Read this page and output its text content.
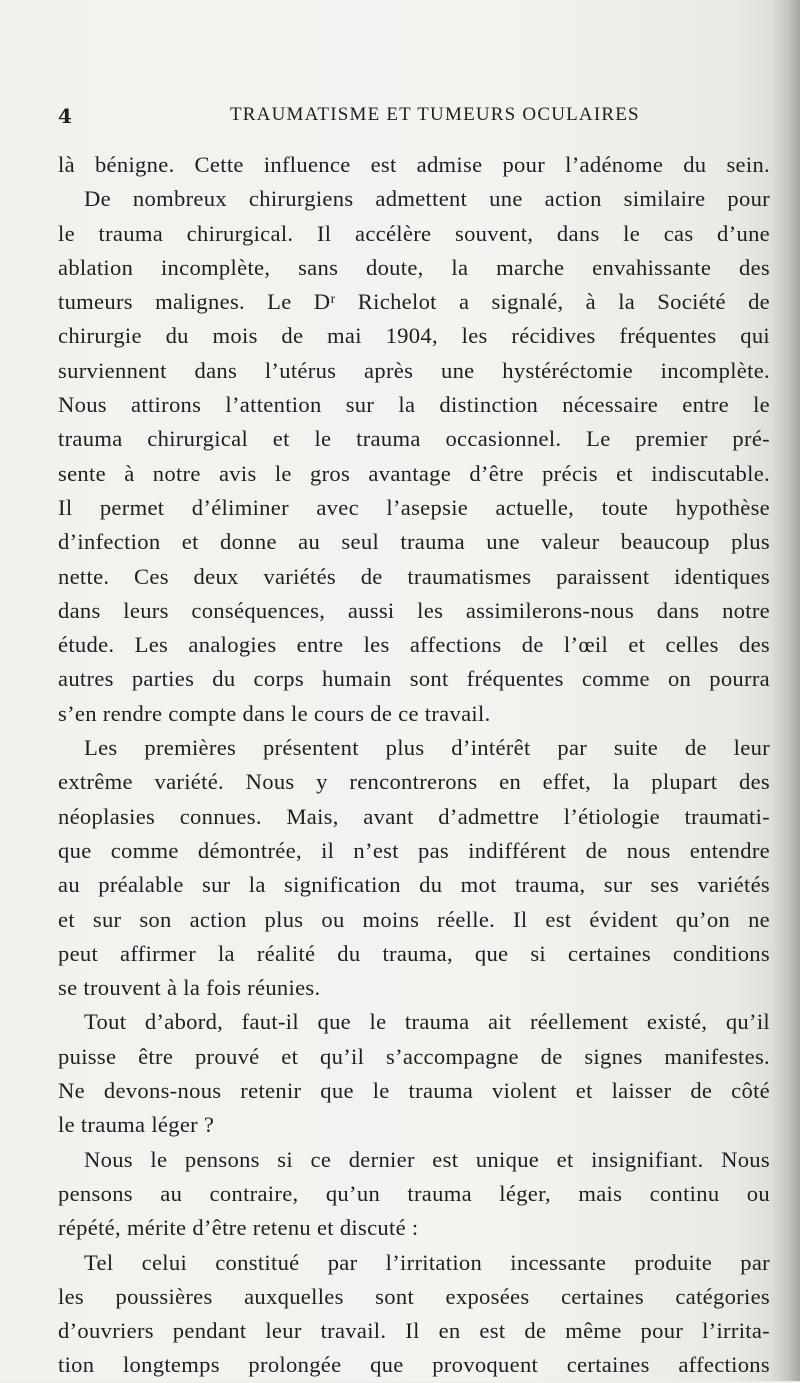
4	TRAUMATISME ET TUMEURS OCULAIRES
là bénigne. Cette influence est admise pour l’adénome du sein.
De nombreux chirurgiens admettent une action similaire pour
le trauma chirurgical. Il accélère souvent, dans le cas d’une
ablation incomplète, sans doute, la marche envahissante des
tumeurs malignes. Le Dʳ Richelot a signalé, à la Société de
chirurgie du mois de mai 1904, les récidives fréquentes qui
surviennent dans l’utérus après une hystéréctomie incomplète.
Nous attirons l’attention sur la distinction nécessaire entre le
trauma chirurgical et le trauma occasionnel. Le premier pré-
sente à notre avis le gros avantage d’être précis et indiscutable.
Il permet d’éliminer avec l’asepsie actuelle, toute hypothèse
d’infection et donne au seul trauma une valeur beaucoup plus
nette. Ces deux variétés de traumatismes paraissent identiques
dans leurs conséquences, aussi les assimilerons-nous dans notre
étude. Les analogies entre les affections de l’œil et celles des
autres parties du corps humain sont fréquentes comme on pourra
s’en rendre compte dans le cours de ce travail.
Les premières présentent plus d’intérêt par suite de leur
extrême variété. Nous y rencontrerons en effet, la plupart des
néoplasies connues. Mais, avant d’admettre l’étiologie traumati-
que comme démontrée, il n’est pas indifférent de nous entendre
au préalable sur la signification du mot trauma, sur ses variétés
et sur son action plus ou moins réelle. Il est évident qu’on ne
peut affirmer la réalité du trauma, que si certaines conditions
se trouvent à la fois réunies.
Tout d’abord, faut-il que le trauma ait réellement existé, qu’il
puisse être prouvé et qu’il s’accompagne de signes manifestes.
Ne devons-nous retenir que le trauma violent et laisser de côté
le trauma léger ?
Nous le pensons si ce dernier est unique et insignifiant. Nous
pensons au contraire, qu’un trauma léger, mais continu ou
répété, mérite d’être retenu et discuté :
Tel celui constitué par l’irritation incessante produite par
les poussières auxquelles sont exposées certaines catégories
d’ouvriers pendant leur travail. Il en est de même pour l’irrita-
tion longtemps prolongée que provoquent certaines affections
